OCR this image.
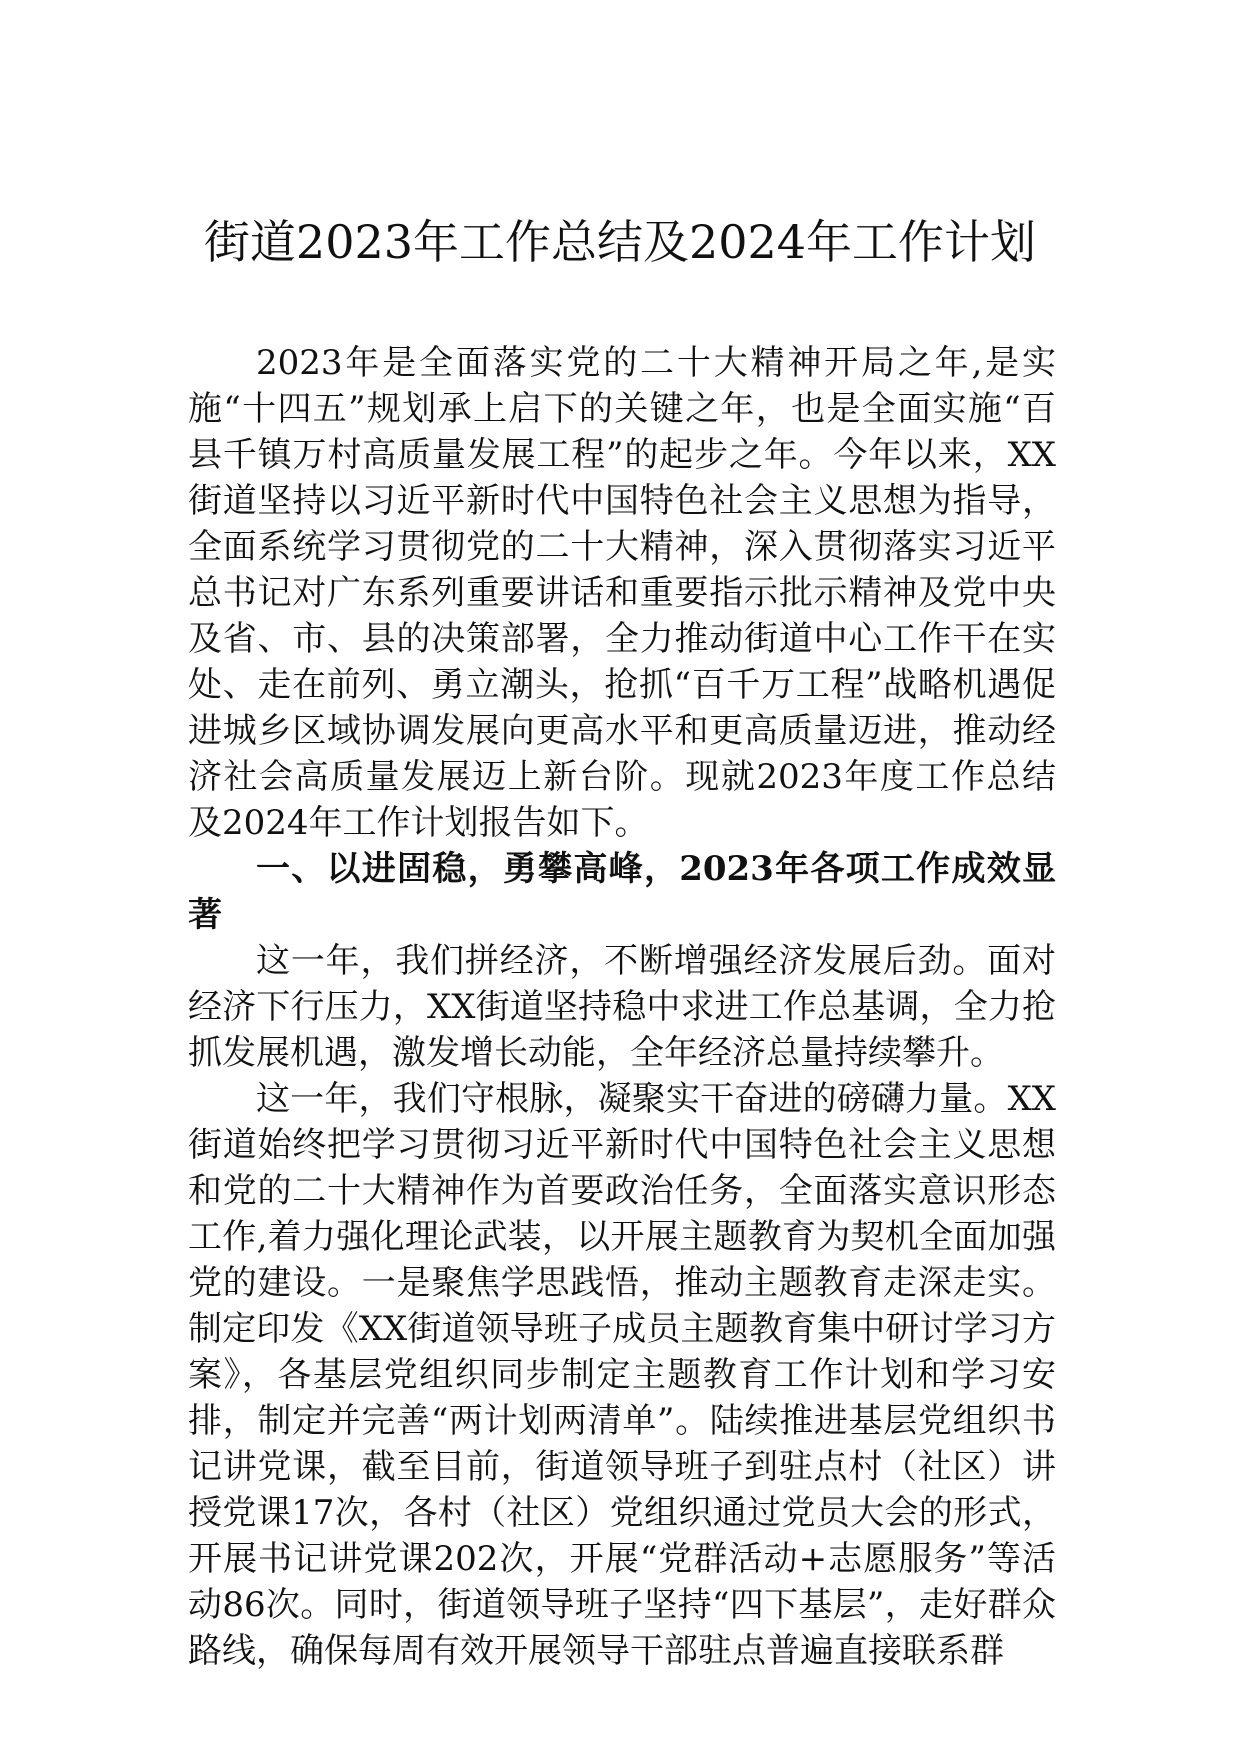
街道2023年工作总结及2024年工作计划

2023年是全面落实党的二十大精神开局之年,是实施“十四五”规划承上启下的关键之年，也是全面实施“百县千镇万村高质量发展工程”的起步之年。今年以来，XX街道坚持以习近平新时代中国特色社会主义思想为指导，全面系统学习贯彻党的二十大精神，深入贯彻落实习近平总书记对广东系列重要讲话和重要指示批示精神及党中央及省、市、县的决策部署，全力推动街道中心工作干在实处、走在前列、勇立潮头，抢抓“百千万工程”战略机遇促进城乡区域协调发展向更高水平和更高质量迈进，推动经济社会高质量发展迈上新台阶。现就2023年度工作总结及2024年工作计划报告如下。

一、以进固稳，勇攀高峰，2023年各项工作成效显著

这一年，我们拼经济，不断增强经济发展后劲。面对经济下行压力，XX街道坚持稳中求进工作总基调，全力抢抓发展机遇，激发增长动能，全年经济总量持续攀升。

这一年，我们守根脉，凝聚实干奋进的磅礴力量。XX街道始终把学习贯彻习近平新时代中国特色社会主义思想和党的二十大精神作为首要政治任务，全面落实意识形态工作,着力强化理论武装，以开展主题教育为契机全面加强党的建设。一是聚焦学思践悟，推动主题教育走深走实。制定印发《XX街道领导班子成员主题教育集中研讨学习方案》，各基层党组织同步制定主题教育工作计划和学习安排，制定并完善“两计划两清单”。陆续推进基层党组织书记讲党课，截至目前，街道领导班子到驻点村（社区）讲授党课17次，各村（社区）党组织通过党员大会的形式，开展书记讲党课202次，开展“党群活动+志愿服务”等活动86次。同时，街道领导班子坚持“四下基层”，走好群众路线，确保每周有效开展领导干部驻点普遍直接联系群
